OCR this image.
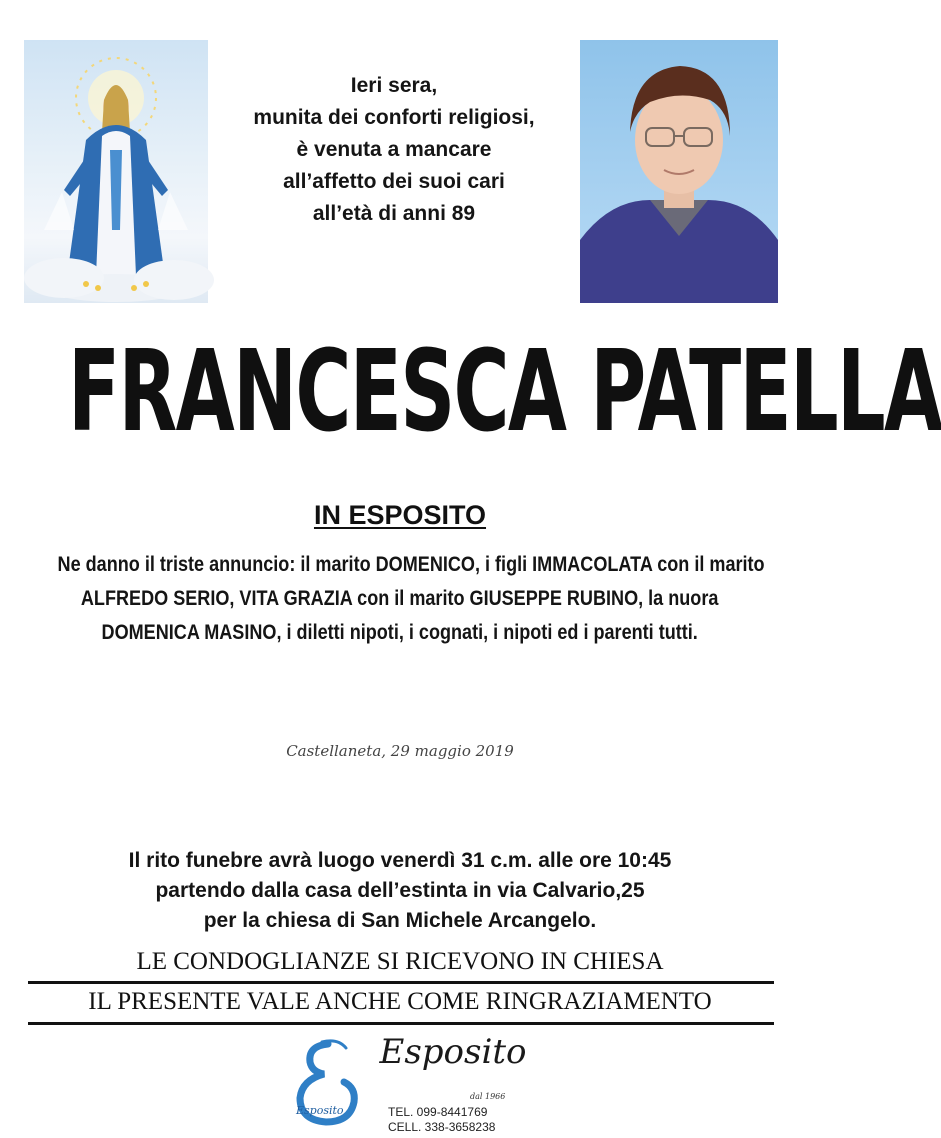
Ieri sera,
munita dei conforti religiosi,
è venuta a mancare
all’affetto dei suoi cari
all’età di anni 89
FRANCESCA PATELLA
IN ESPOSITO
Ne danno il triste annuncio: il marito DOMENICO, i figli IMMACOLATA con il marito
ALFREDO SERIO, VITA GRAZIA con il marito GIUSEPPE RUBINO, la nuora
DOMENICA MASINO, i diletti nipoti, i cognati, i nipoti ed i parenti tutti.
Castellaneta, 29 maggio 2019
Il rito funebre avrà luogo venerdì 31 c.m. alle ore 10:45
partendo dalla casa dell’estinta in via Calvario,25
per la chiesa di San Michele Arcangelo.
LE CONDOGLIANZE SI RICEVONO IN CHIESA
IL PRESENTE VALE ANCHE COME RINGRAZIAMENTO
Esposito
Esposito
dal 1966
TEL. 099-8441769
CELL. 338-3658238
